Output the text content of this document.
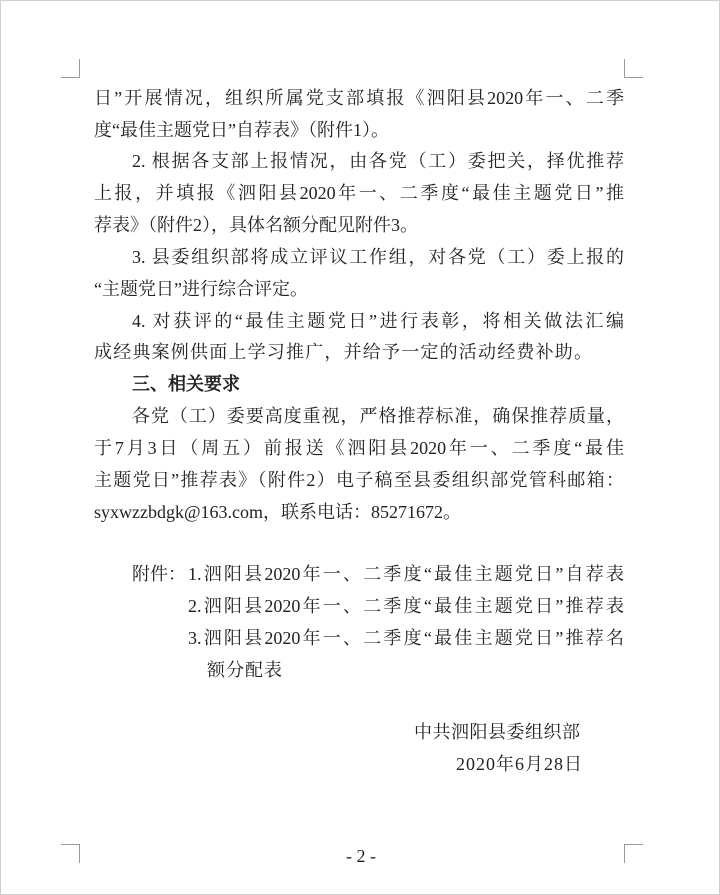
日”开展情况，组织所属党支部填报《泗阳县2020年一、二季
度“最佳主题党日”自荐表》（附件1）。
2. 根据各支部上报情况，由各党（工）委把关，择优推荐
上报，并填报《泗阳县2020年一、二季度“最佳主题党日”推
荐表》（附件2），具体名额分配见附件3。
3. 县委组织部将成立评议工作组，对各党（工）委上报的
“主题党日”进行综合评定。
4. 对获评的“最佳主题党日”进行表彰，将相关做法汇编
成经典案例供面上学习推广，并给予一定的活动经费补助。
三、相关要求
各党（工）委要高度重视，严格推荐标准，确保推荐质量，
于7月3日（周五）前报送《泗阳县2020年一、二季度“最佳
主题党日”推荐表》（附件2）电子稿至县委组织部党管科邮箱：
syxwzzbdgk@163.com，联系电话：85271672。
附件： 1.泗阳县2020年一、二季度“最佳主题党日”自荐表
2.泗阳县2020年一、二季度“最佳主题党日”推荐表
3.泗阳县2020年一、二季度“最佳主题党日”推荐名
额分配表
中共泗阳县委组织部
2020年6月28日
- 2 -
